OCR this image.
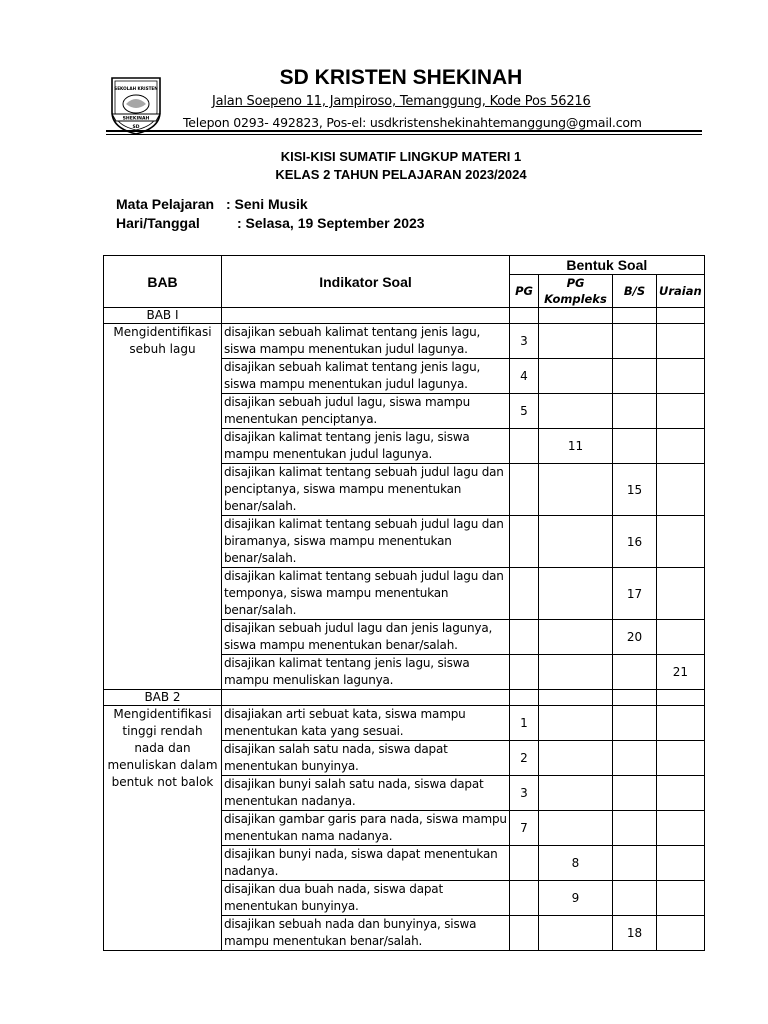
SEKOLAH KRISTEN
SHEKINAH
SD
SD KRISTEN SHEKINAH
Jalan Soepeno 11, Jampiroso, Temanggung, Kode Pos 56216
Telepon 0293- 492823, Pos-el: usdkristenshekinahtemanggung@gmail.com
KISI-KISI SUMATIF LINGKUP MATERI 1
KELAS 2 TAHUN PELAJARAN 2023/2024
Mata Pelajaran : Seni Musik
Hari/Tanggal	: Selasa, 19 September 2023
BAB	Indikator Soal	Bentuk Soal			
		PG	PG Kompleks	B/S	Uraian
BAB I					
Mengidentifikasi sebuh lagu	disajikan sebuah kalimat tentang jenis lagu, siswa mampu menentukan judul lagunya.	3			
	disajikan sebuah kalimat tentang jenis lagu, siswa mampu menentukan judul lagunya.	4			
	disajikan sebuah judul lagu, siswa mampu menentukan penciptanya.	5			
	disajikan kalimat tentang jenis lagu, siswa mampu menentukan judul lagunya.		11		
	disajikan kalimat tentang sebuah judul lagu dan penciptanya, siswa mampu menentukan benar/salah.			15	
	disajikan kalimat tentang sebuah judul lagu dan biramanya, siswa mampu menentukan benar/salah.			16	
	disajikan kalimat tentang sebuah judul lagu dan temponya, siswa mampu menentukan benar/salah.			17	
	disajikan sebuah judul lagu dan jenis lagunya, siswa mampu menentukan benar/salah.			20	
	disajikan kalimat tentang jenis lagu, siswa mampu menuliskan lagunya.				21
BAB 2					
Mengidentifikasi tinggi rendah nada dan menuliskan dalam bentuk not balok	disajiakan arti sebuat kata, siswa mampu menentukan kata yang sesuai.	1			
	disajikan salah satu nada, siswa dapat menentukan bunyinya.	2			
	disajikan bunyi salah satu nada, siswa dapat menentukan nadanya.	3			
	disajikan gambar garis para nada, siswa mampu menentukan nama nadanya.	7			
	disajikan bunyi nada, siswa dapat menentukan nadanya.		8		
	disajikan dua buah nada, siswa dapat menentukan bunyinya.		9		
	disajikan sebuah nada dan bunyinya, siswa mampu menentukan benar/salah.			18	
